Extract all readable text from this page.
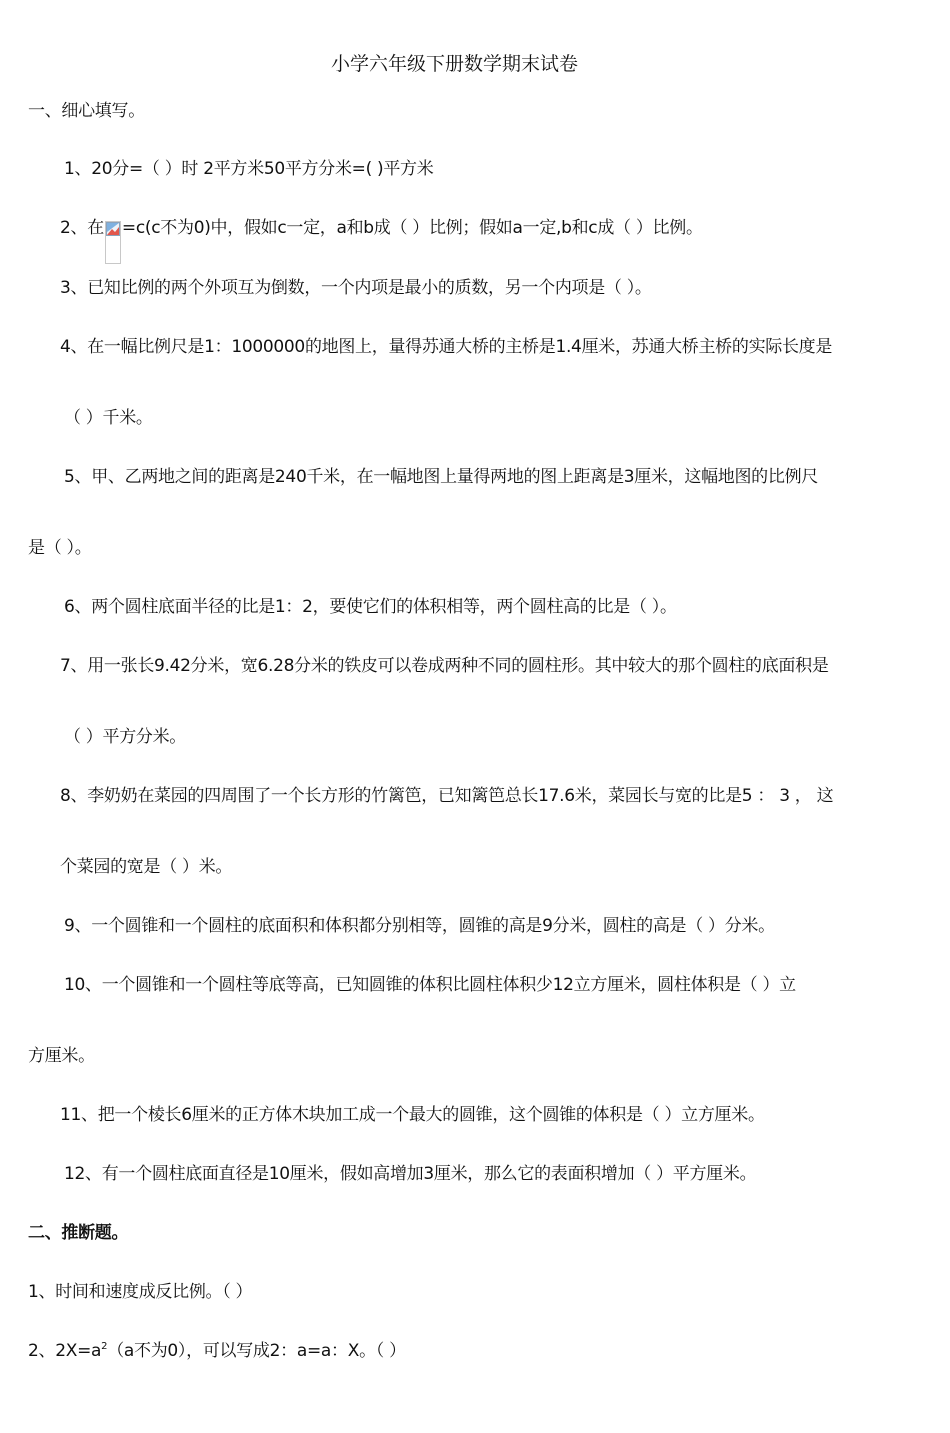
小学六年级下册数学期末试卷

一、细心填写。

1、20分=（ ）时 2平方米50平方分米=( )平方米

2、在 =c(c不为0)中，假如c一定，a和b成（ ）比例；假如a一定,b和c成（ ）比例。

3、已知比例的两个外项互为倒数，一个内项是最小的质数，另一个内项是（ ）。

4、在一幅比例尺是1：1000000的地图上，量得苏通大桥的主桥是1.4厘米，苏通大桥主桥的实际长度是

（ ）千米。

5、甲、乙两地之间的距离是240千米，在一幅地图上量得两地的图上距离是3厘米，这幅地图的比例尺

是（ ）。

6、两个圆柱底面半径的比是1：2，要使它们的体积相等，两个圆柱高的比是（ ）。

7、用一张长9.42分米，宽6.28分米的铁皮可以卷成两种不同的圆柱形。其中较大的那个圆柱的底面积是

（ ）平方分米。

8、李奶奶在菜园的四周围了一个长方形的竹篱笆，已知篱笆总长17.6米，菜园长与宽的比是5 ： 3 ， 这

个菜园的宽是（ ）米。

9、一个圆锥和一个圆柱的底面积和体积都分别相等，圆锥的高是9分米，圆柱的高是（ ）分米。

10、一个圆锥和一个圆柱等底等高，已知圆锥的体积比圆柱体积少12立方厘米，圆柱体积是（ ）立

方厘米。

11、把一个棱长6厘米的正方体木块加工成一个最大的圆锥，这个圆锥的体积是（ ）立方厘米。

12、有一个圆柱底面直径是10厘米，假如高增加3厘米，那么它的表面积增加（ ）平方厘米。

二、推断题。

1、时间和速度成反比例。（ ）

2、$2X=a^2(a$不为0），可以写成2：a=a：X。（ ）
